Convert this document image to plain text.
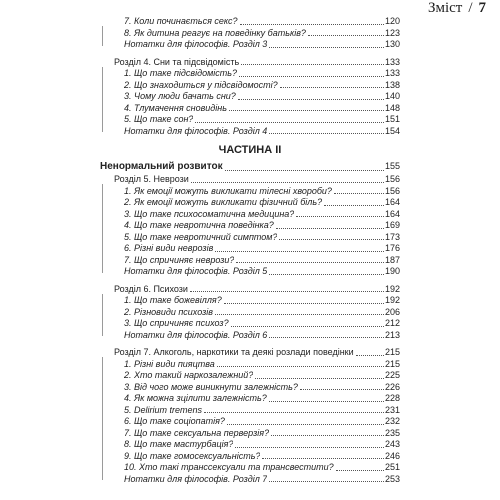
Зміст / 7
7. Коли починається секс?	120
8. Як дитина реагує на поведінку батьків?	123
Нотатки для філософів. Розділ 3	130
Розділ 4. Сни та підсвідомість	133
1. Що таке підсвідомість?	133
2. Що знаходиться у підсвідомості?	138
3. Чому люди бачать сни?	140
4. Тлумачення сновидінь	148
5. Що таке сон?	151
Нотатки для філософів. Розділ 4	154
ЧАСТИНА II
Ненормальний розвиток	155
Розділ 5. Неврози	156
1. Як емоції можуть викликати тілесні хвороби?	156
2. Як емоції можуть викликати фізичний біль?	164
3. Що таке психосоматична медицина?	164
4. Що таке невротична поведінка?	169
5. Що таке невротичний симптом?	173
6. Різні види неврозів	176
7. Що спричиняє неврози?	187
Нотатки для філософів. Розділ 5	190
Розділ 6. Психози	192
1. Що таке божевілля?	192
2. Різновиди психозів	206
3. Що спричиняє психоз?	212
Нотатки для філософів. Розділ 6	213
Розділ 7. Алкоголь, наркотики та деякі розлади поведінки	215
1. Різні види пияцтва	215
2. Хто такий наркозалежний?	225
3. Від чого може виникнути залежність?	226
4. Як можна зцілити залежність?	228
5. Delirium tremens	231
6. Що таке соціопатія?	232
7. Що таке сексуальна перверзія?	235
8. Що таке мастурбація?	243
9. Що таке гомосексуальність?	246
10. Хто такі транссексуали та трансвестити?	251
Нотатки для філософів. Розділ 7	253
